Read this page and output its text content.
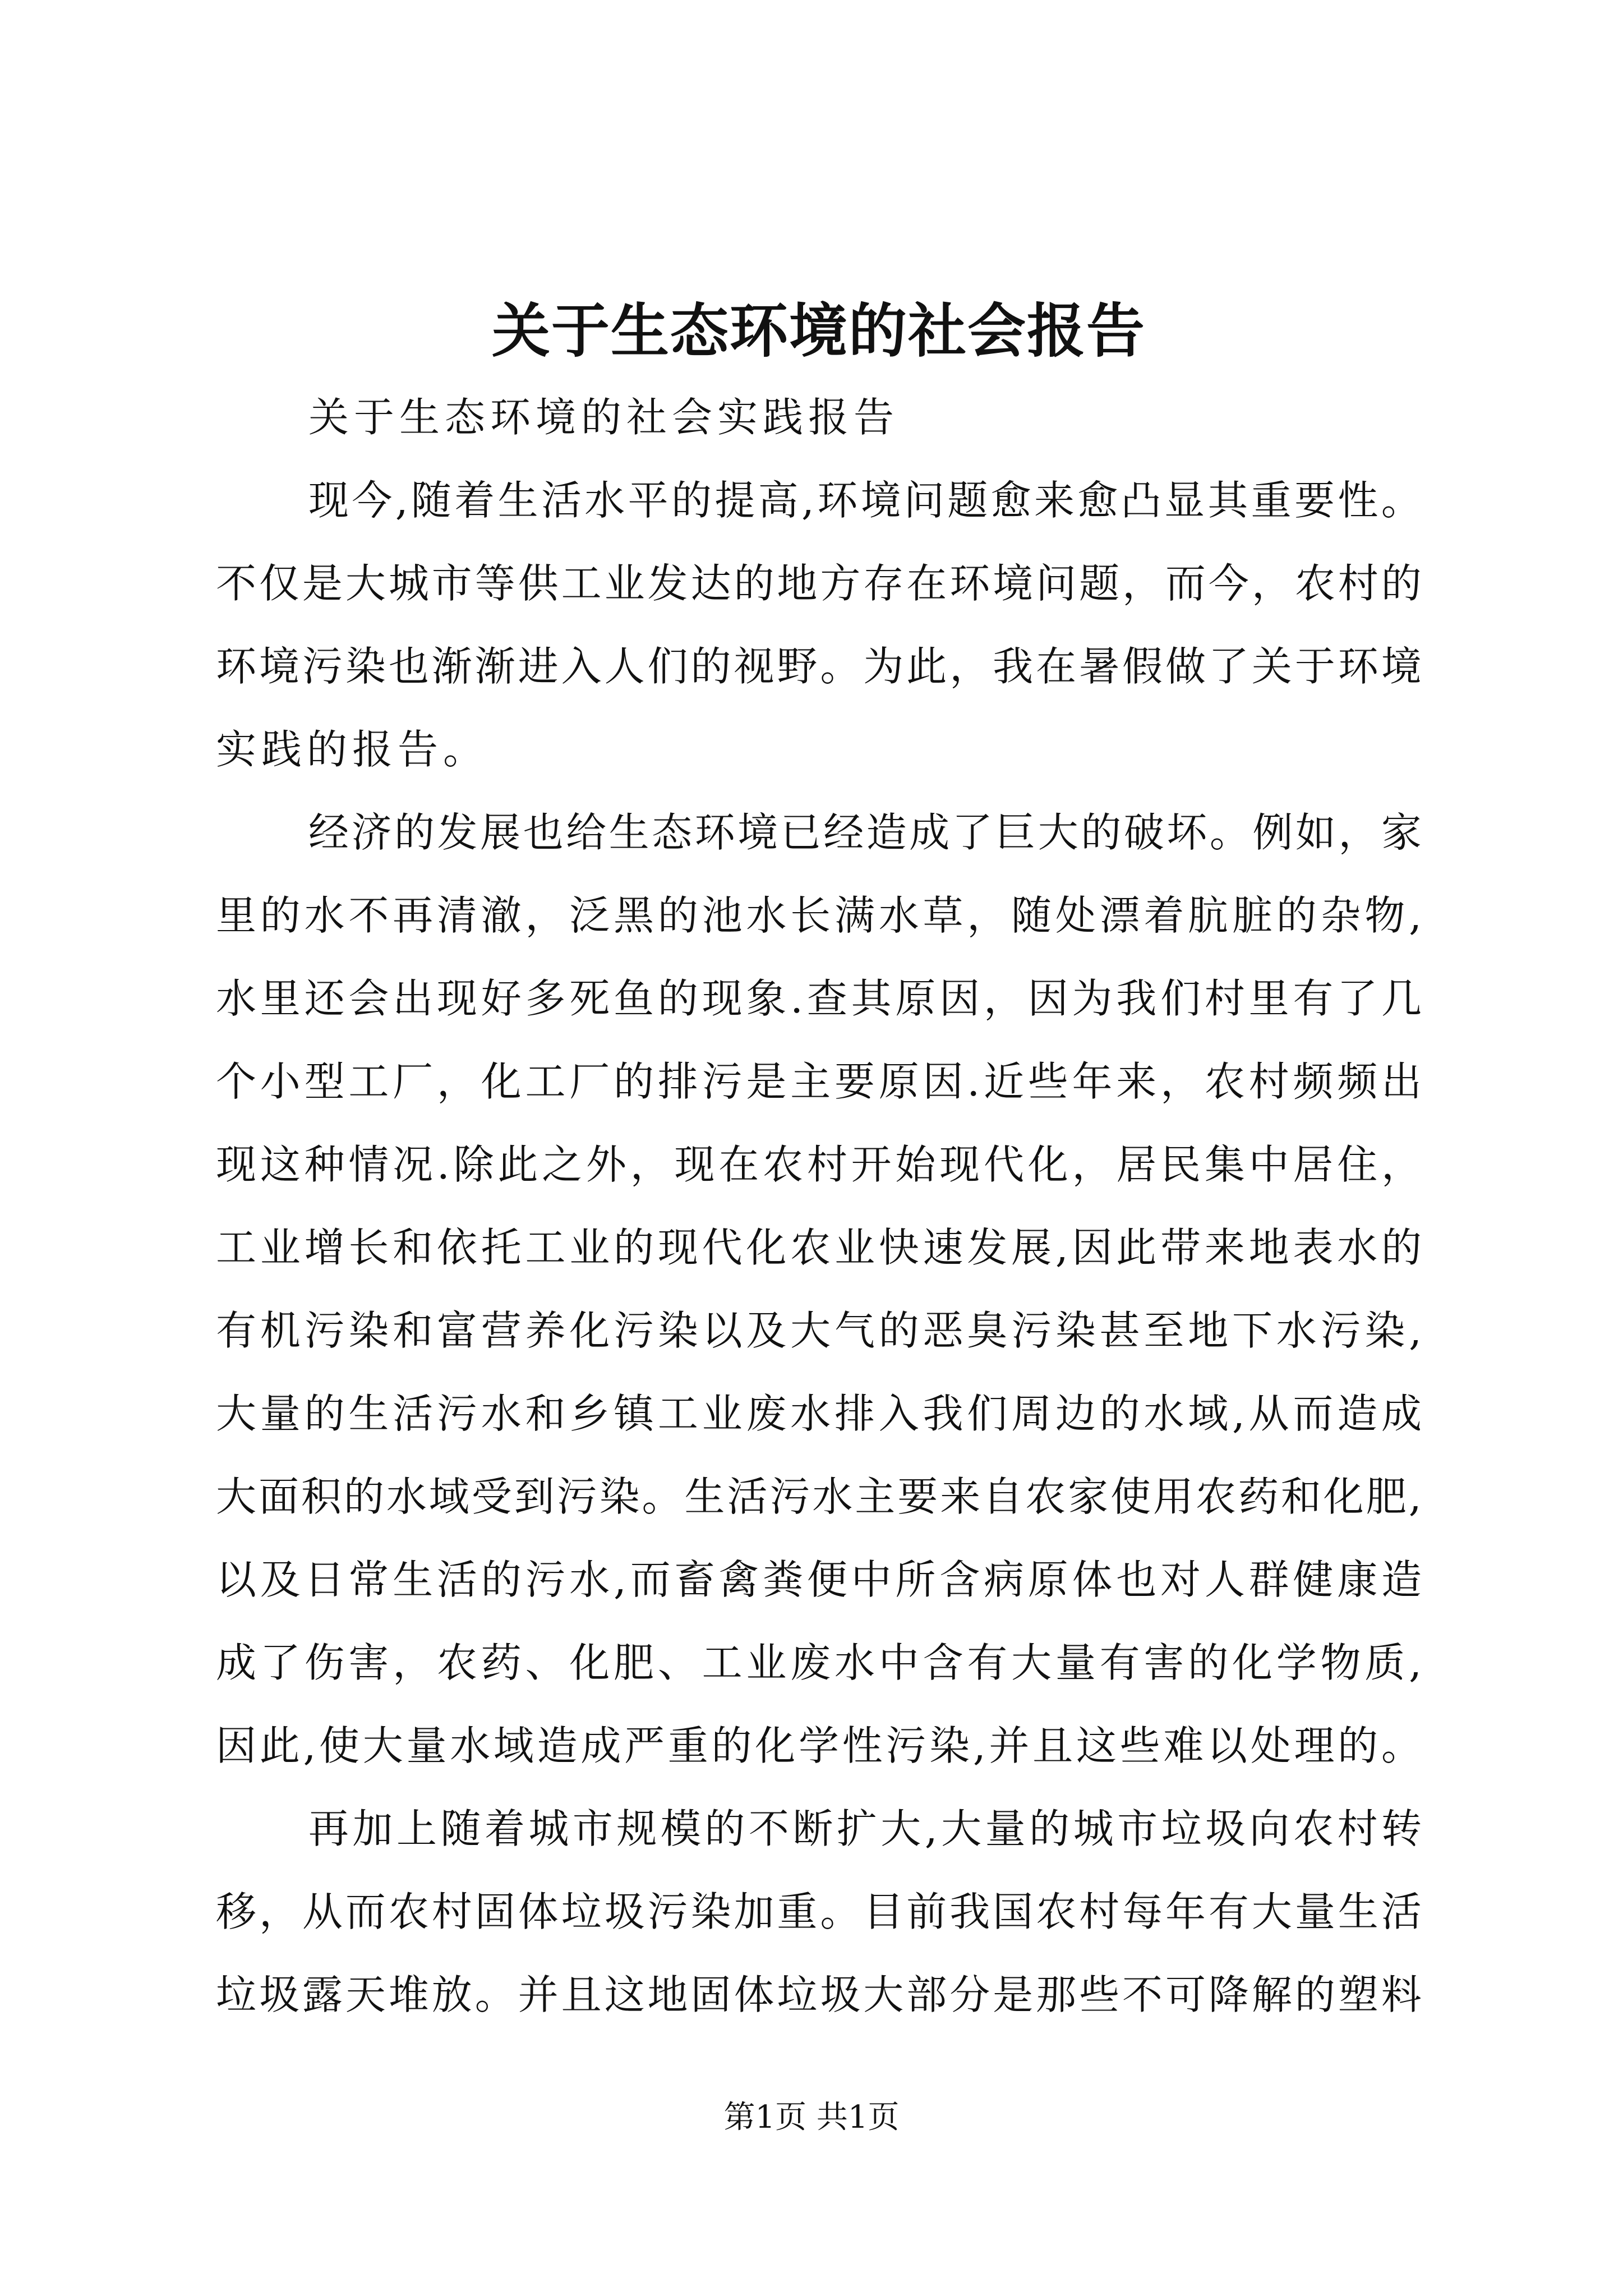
关于生态环境的社会报告
关于生态环境的社会实践报告
现 今 , 随 着 生 活 水 平 的 提 高 , 环 境 问 题 愈 来 愈 凸 显 其 重 要 性 。
不 仅 是 大 城 市 等 供 工 业 发 达 的 地 方 存 在 环 境 问 题 ， 而 今 ， 农 村 的
环 境 污 染 也 渐 渐 进 入 人 们 的 视 野 。 为 此 ， 我 在 暑 假 做 了 关 于 环 境
实践的报告。
经 济 的 发 展 也 给 生 态 环 境 已 经 造 成 了 巨 大 的 破 坏 。 例 如 ， 家
里 的 水 不 再 清 澈 ， 泛 黑 的 池 水 长 满 水 草 ， 随 处 漂 着 肮 脏 的 杂 物 ,
水 里 还 会 出 现 好 多 死 鱼 的 现 象 . 查 其 原 因 ， 因 为 我 们 村 里 有 了 几
个 小 型 工 厂 ， 化 工 厂 的 排 污 是 主 要 原 因 . 近 些 年 来 ， 农 村 频 频 出
现 这 种 情 况 . 除 此 之 外 ， 现 在 农 村 开 始 现 代 化 ， 居 民 集 中 居 住 ，
工 业 增 长 和 依 托 工 业 的 现 代 化 农 业 快 速 发 展 , 因 此 带 来 地 表 水 的
有 机 污 染 和 富 营 养 化 污 染 以 及 大 气 的 恶 臭 污 染 甚 至 地 下 水 污 染 ,
大 量 的 生 活 污 水 和 乡 镇 工 业 废 水 排 入 我 们 周 边 的 水 域 , 从 而 造 成
大 面 积 的 水 域 受 到 污 染 。 生 活 污 水 主 要 来 自 农 家 使 用 农 药 和 化 肥 ,
以 及 日 常 生 活 的 污 水 , 而 畜 禽 粪 便 中 所 含 病 原 体 也 对 人 群 健 康 造
成 了 伤 害 ， 农 药 、 化 肥 、 工 业 废 水 中 含 有 大 量 有 害 的 化 学 物 质 ,
因 此 , 使 大 量 水 域 造 成 严 重 的 化 学 性 污 染 , 并 且 这 些 难 以 处 理 的 。
再 加 上 随 着 城 市 规 模 的 不 断 扩 大 , 大 量 的 城 市 垃 圾 向 农 村 转
移 ， 从 而 农 村 固 体 垃 圾 污 染 加 重 。 目 前 我 国 农 村 每 年 有 大 量 生 活
垃 圾 露 天 堆 放 。 并 且 这 地 固 体 垃 圾 大 部 分 是 那 些 不 可 降 解 的 塑 料
第1页 共1页
